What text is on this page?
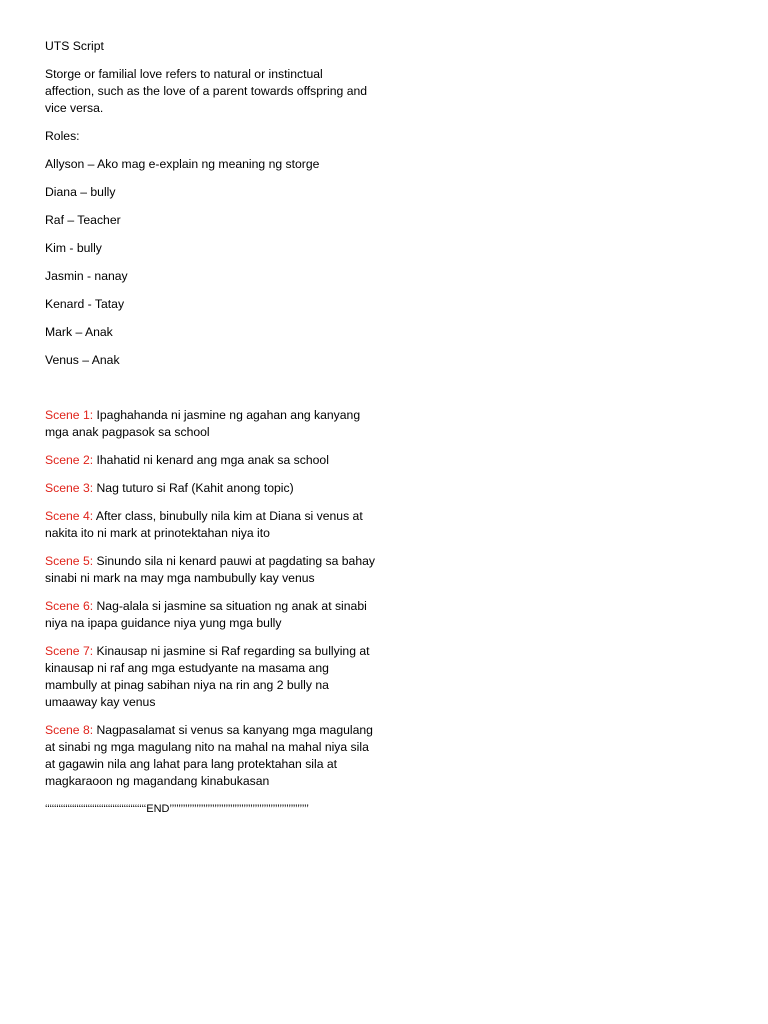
UTS Script

Storge or familial love refers to natural or instinctual affection, such as the love of a parent towards offspring and vice versa.

Roles:

Allyson – Ako mag e-explain ng meaning ng storge

Diana – bully

Raf – Teacher

Kim - bully

Jasmin - nanay

Kenard - Tatay

Mark – Anak

Venus – Anak

Scene 1: Ipaghahanda ni jasmine ng agahan ang kanyang mga anak pagpasok sa school

Scene 2: Ihahatid ni kenard ang mga anak sa school

Scene 3: Nag tuturo si Raf (Kahit anong topic)

Scene 4: After class, binubully nila kim at Diana si venus at nakita ito ni mark at prinotektahan niya ito

Scene 5: Sinundo sila ni kenard pauwi at pagdating sa bahay sinabi ni mark na may mga nambubully kay venus

Scene 6: Nag-alala si jasmine sa situation ng anak at sinabi niya na ipapa guidance niya yung mga bully

Scene 7: Kinausap ni jasmine si Raf regarding sa bullying at kinausap ni raf ang mga estudyante na masama ang mambully at pinag sabihan niya na rin ang 2 bully na umaaway kay venus

Scene 8: Nagpasalamat si venus sa kanyang mga magulang at sinabi ng mga magulang nito na mahal na mahal niya sila at gagawin nila ang lahat para lang protektahan sila at magkaraoon ng magandang kinabukasan

‘‘‘‘‘‘‘‘‘‘‘‘‘‘‘‘‘‘‘‘‘‘‘‘‘‘‘‘‘‘‘‘‘‘‘‘‘‘‘‘‘‘‘‘‘END’’’’’’’’’’’’’’’’’’’’’’’’’’’’’’’’’’’’’’’’’’’’’’’’’’’’’’’’’’’’’’
